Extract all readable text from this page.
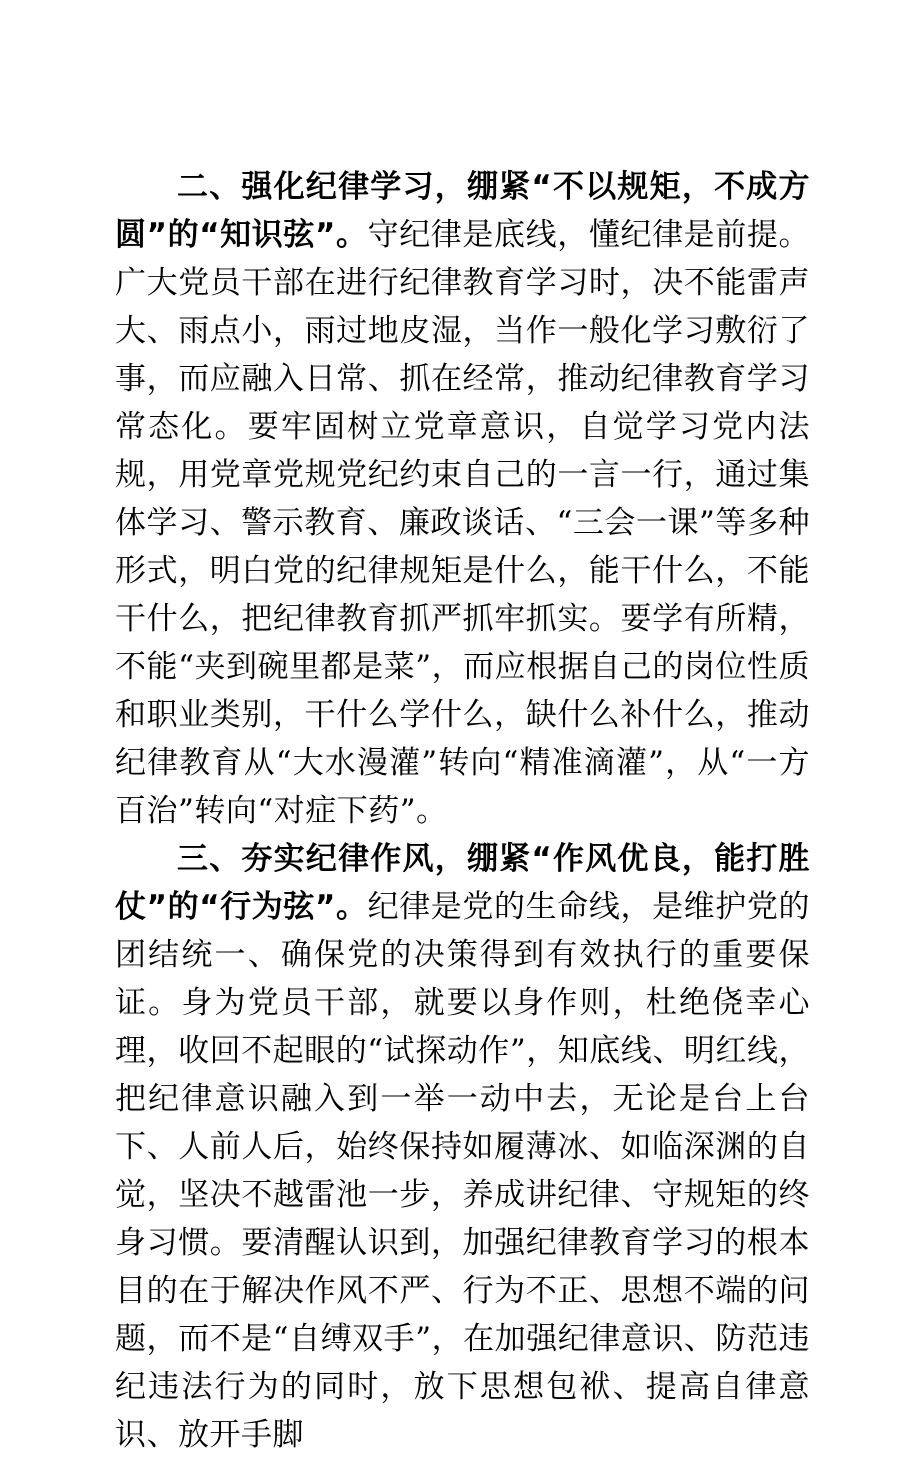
二、强化纪律学习，绷紧“不以规矩，不成方圆”的“知识弦”。守纪律是底线，懂纪律是前提。广大党员干部在进行纪律教育学习时，决不能雷声大、雨点小，雨过地皮湿，当作一般化学习敷衍了事，而应融入日常、抓在经常，推动纪律教育学习常态化。要牢固树立党章意识，自觉学习党内法规，用党章党规党纪约束自己的一言一行，通过集体学习、警示教育、廉政谈话、“三会一课”等多种形式，明白党的纪律规矩是什么，能干什么，不能干什么，把纪律教育抓严抓牢抓实。要学有所精，不能“夹到碗里都是菜”，而应根据自己的岗位性质和职业类别，干什么学什么，缺什么补什么，推动纪律教育从“大水漫灌”转向“精准滴灌”，从“一方百治”转向“对症下药”。

三、夯实纪律作风，绷紧“作风优良，能打胜仗”的“行为弦”。纪律是党的生命线，是维护党的团结统一、确保党的决策得到有效执行的重要保证。身为党员干部，就要以身作则，杜绝侥幸心理，收回不起眼的“试探动作”，知底线、明红线，把纪律意识融入到一举一动中去，无论是台上台下、人前人后，始终保持如履薄冰、如临深渊的自觉，坚决不越雷池一步，养成讲纪律、守规矩的终身习惯。要清醒认识到，加强纪律教育学习的根本目的在于解决作风不严、行为不正、思想不端的问题，而不是“自缚双手”，在加强纪律意识、防范违纪违法行为的同时，放下思想包袱、提高自律意识、放开手脚
